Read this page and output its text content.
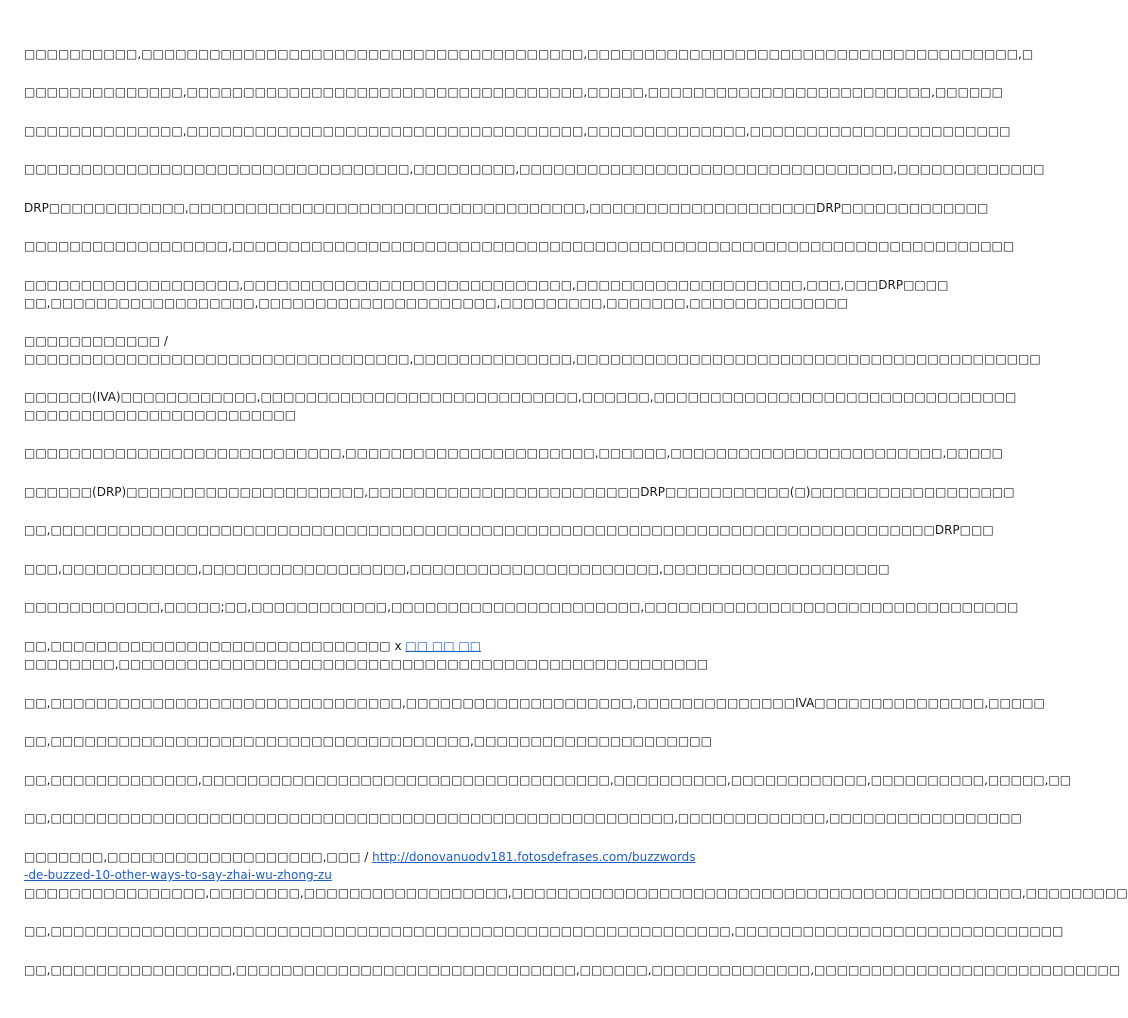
□□□□□□□□□□,□□□□□□□□□□□□□□□□□□□□□□□□□□□□□□□□□□□□□□□,□□□□□□□□□□□□□□□□□□□□□□□□□□□□□□□□□□□□□□,□
□□□□□□□□□□□□□□,□□□□□□□□□□□□□□□□□□□□□□□□□□□□□□□□□□□,□□□□□,□□□□□□□□□□□□□□□□□□□□□□□□□,□□□□□□
□□□□□□□□□□□□□□,□□□□□□□□□□□□□□□□□□□□□□□□□□□□□□□□□□□,□□□□□□□□□□□□□□,□□□□□□□□□□□□□□□□□□□□□□□
□□□□□□□□□□□□□□□□□□□□□□□□□□□□□□□□□□,□□□□□□□□□,□□□□□□□□□□□□□□□□□□□□□□□□□□□□□□□□□,□□□□□□□□□□□□□
DRP□□□□□□□□□□□□,□□□□□□□□□□□□□□□□□□□□□□□□□□□□□□□□□□□,□□□□□□□□□□□□□□□□□□□□DRP□□□□□□□□□□□□□
□□□□□□□□□□□□□□□□□□,□□□□□□□□□□□□□□□□□□□□□□□□□□□□□□□□□□□□□□□□□□□□□□□□□□□□□□□□□□□□□□□□□□□□□
□□□□□□□□□□□□□□□□□□□,□□□□□□□□□□□□□□□□□□□□□□□□□□□□□,□□□□□□□□□□□□□□□□□□□□,□□□,□□□DRP□□□□
□□,□□□□□□□□□□□□□□□□□□,□□□□□□□□□□□□□□□□□□□□□,□□□□□□□□□,□□□□□□□,□□□□□□□□□□□□□□
□□□□□□□□□□□□ /
□□□□□□□□□□□□□□□□□□□□□□□□□□□□□□□□□□,□□□□□□□□□□□□□□,□□□□□□□□□□□□□□□□□□□□□□□□□□□□□□□□□□□□□□□□□
□□□□□□(IVA)□□□□□□□□□□□□,□□□□□□□□□□□□□□□□□□□□□□□□□□□□,□□□□□□,□□□□□□□□□□□□□□□□□□□□□□□□□□□□□□□□
□□□□□□□□□□□□□□□□□□□□□□□□
□□□□□□□□□□□□□□□□□□□□□□□□□□□□,□□□□□□□□□□□□□□□□□□□□□□,□□□□□□,□□□□□□□□□□□□□□□□□□□□□□□□,□□□□□
□□□□□□(DRP)□□□□□□□□□□□□□□□□□□□□□,□□□□□□□□□□□□□□□□□□□□□□□□DRP□□□□□□□□□□□(□)□□□□□□□□□□□□□□□□□□
□□,□□□□□□□□□□□□□□□□□□□□□□□□□□□□□□□□□□□□□□□□□□□□□□□□□□□□□□□□□□□□□□□□□□□□□□□□□□□□□□DRP□□□
□□□,□□□□□□□□□□□□,□□□□□□□□□□□□□□□□□□,□□□□□□□□□□□□□□□□□□□□□□,□□□□□□□□□□□□□□□□□□□□
□□□□□□□□□□□□,□□□□□;□□,□□□□□□□□□□□□,□□□□□□□□□□□□□□□□□□□□□□,□□□□□□□□□□□□□□□□□□□□□□□□□□□□□□□□□
□□,□□□□□□□□□□□□□□□□□□□□□□□□□□□□□□ x □□ □□ □□
□□□□□□□□,□□□□□□□□□□□□□□□□□□□□□□□□□□□□□□□□□□□□□□□□□□□□□□□□□□□□
□□,□□□□□□□□□□□□□□□□□□□□□□□□□□□□□□□,□□□□□□□□□□□□□□□□□□□□,□□□□□□□□□□□□□□IVA□□□□□□□□□□□□□□□,□□□□□
□□,□□□□□□□□□□□□□□□□□□□□□□□□□□□□□□□□□□□□□,□□□□□□□□□□□□□□□□□□□□□
□□,□□□□□□□□□□□□□,□□□□□□□□□□□□□□□□□□□□□□□□□□□□□□□□□□□□,□□□□□□□□□□,□□□□□□□□□□□□,□□□□□□□□□□,□□□□□,□□
□□,□□□□□□□□□□□□□□□□□□□□□□□□□□□□□□□□□□□□□□□□□□□□□□□□□□□□□□□,□□□□□□□□□□□□□,□□□□□□□□□□□□□□□□□
□□□□□□□,□□□□□□□□□□□□□□□□□□□,□□□ / http://donovanuodv181.fotosdefrases.com/buzzwords-de-buzzed-10-other-ways-to-say-zhai-wu-zhong-zu
□□□□□□□□□□□□□□□□,□□□□□□□□,□□□□□□□□□□□□□□□□□□,□□□□□□□□□□□□□□□□□□□□□□□□□□□□□□□□□□□□□□□□□□□□□,□□□□□□□□□
□□,□□□□□□□□□□□□□□□□□□□□□□□□□□□□□□□□□□□□□□□□□□□□□□□□□□□□□□□□□□□□,□□□□□□□□□□□□□□□□□□□□□□□□□□□□□
□□,□□□□□□□□□□□□□□□□,□□□□□□□□□□□□□□□□□□□□□□□□□□□□□□,□□□□□□,□□□□□□□□□□□□□□,□□□□□□□□□□□□□□□□□□□□□□□□□□□
